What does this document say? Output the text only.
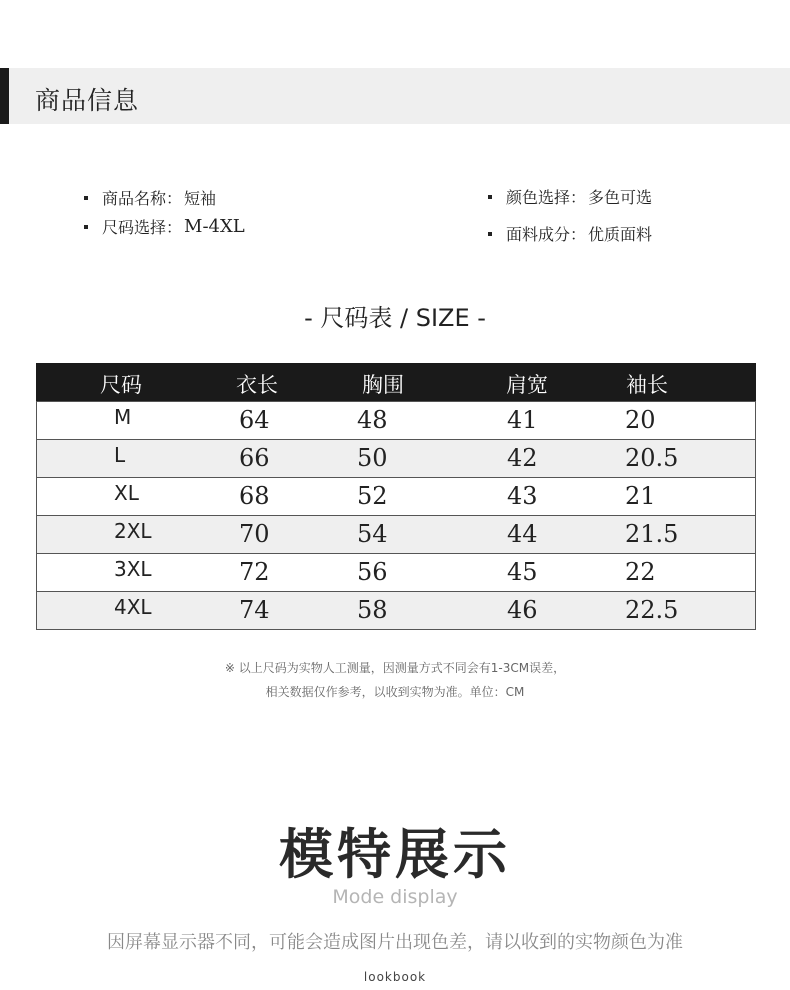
商品信息
商品名称： 短袖
尺码选择： M-4XL
颜色选择： 多色可选
面料成分： 优质面料
- 尺码表 / SIZE -
尺码	衣长	胸围	肩宽	袖长
M	64	48	41	20
L	66	50	42	20.5
XL	68	52	43	21
2XL	70	54	44	21.5
3XL	72	56	45	22
4XL	74	58	46	22.5
※ 以上尺码为实物人工测量，因测量方式不同会有1-3CM误差，
相关数据仅作参考，以收到实物为准。单位：CM
模特展示
Mode display
因屏幕显示器不同，可能会造成图片出现色差，请以收到的实物颜色为准
lookbook
